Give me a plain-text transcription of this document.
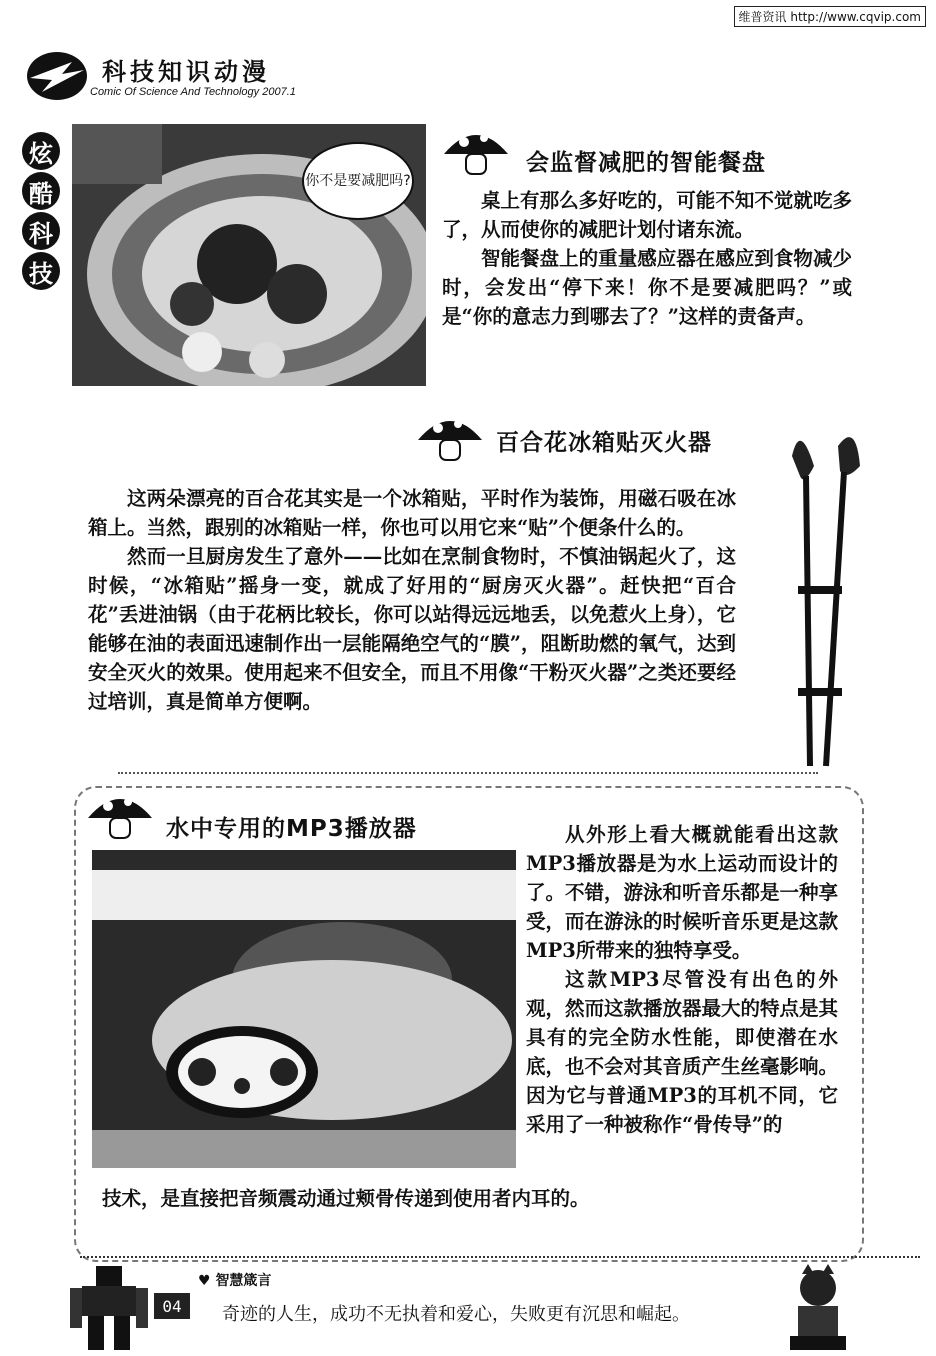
维普资讯 http://www.cqvip.com
科技知识动漫
Comic Of Science And Technology 2007.1
炫
酷
科
技
你不是要减肥吗?
会监督减肥的智能餐盘

桌上有那么多好吃的，可能不知不觉就吃多了，从而使你的减肥计划付诸东流。

智能餐盘上的重量感应器在感应到食物减少时，会发出“停下来！你不是要减肥吗？”或是“你的意志力到哪去了？”这样的责备声。

百合花冰箱贴灭火器

这两朵漂亮的百合花其实是一个冰箱贴，平时作为装饰，用磁石吸在冰箱上。当然，跟别的冰箱贴一样，你也可以用它来“贴”个便条什么的。

然而一旦厨房发生了意外——比如在烹制食物时，不慎油锅起火了，这时候，“冰箱贴”摇身一变，就成了好用的“厨房灭火器”。赶快把“百合花”丢进油锅（由于花柄比较长，你可以站得远远地丢，以免惹火上身），它能够在油的表面迅速制作出一层能隔绝空气的“膜”，阻断助燃的氧气，达到安全灭火的效果。使用起来不但安全，而且不用像“干粉灭火器”之类还要经过培训，真是简单方便啊。

水中专用的MP3播放器	从外形上看大概就能看出这款MP3播放器是为水上运动而设计的了。不错，游泳和听音乐都是一种享受，而在游泳的时候听音乐更是这款MP3所带来的独特享受。

这款MP3尽管没有出色的外观，然而这款播放器最大的特点是其具有的完全防水性能，即使潜在水底，也不会对其音质产生丝毫影响。因为它与普通MP3的耳机不同，它采用了一种被称作“骨传导”的

技术，是直接把音频震动通过颊骨传递到使用者内耳的。
04
♥ 智慧箴言
奇迹的人生，成功不无执着和爱心，失败更有沉思和崛起。
